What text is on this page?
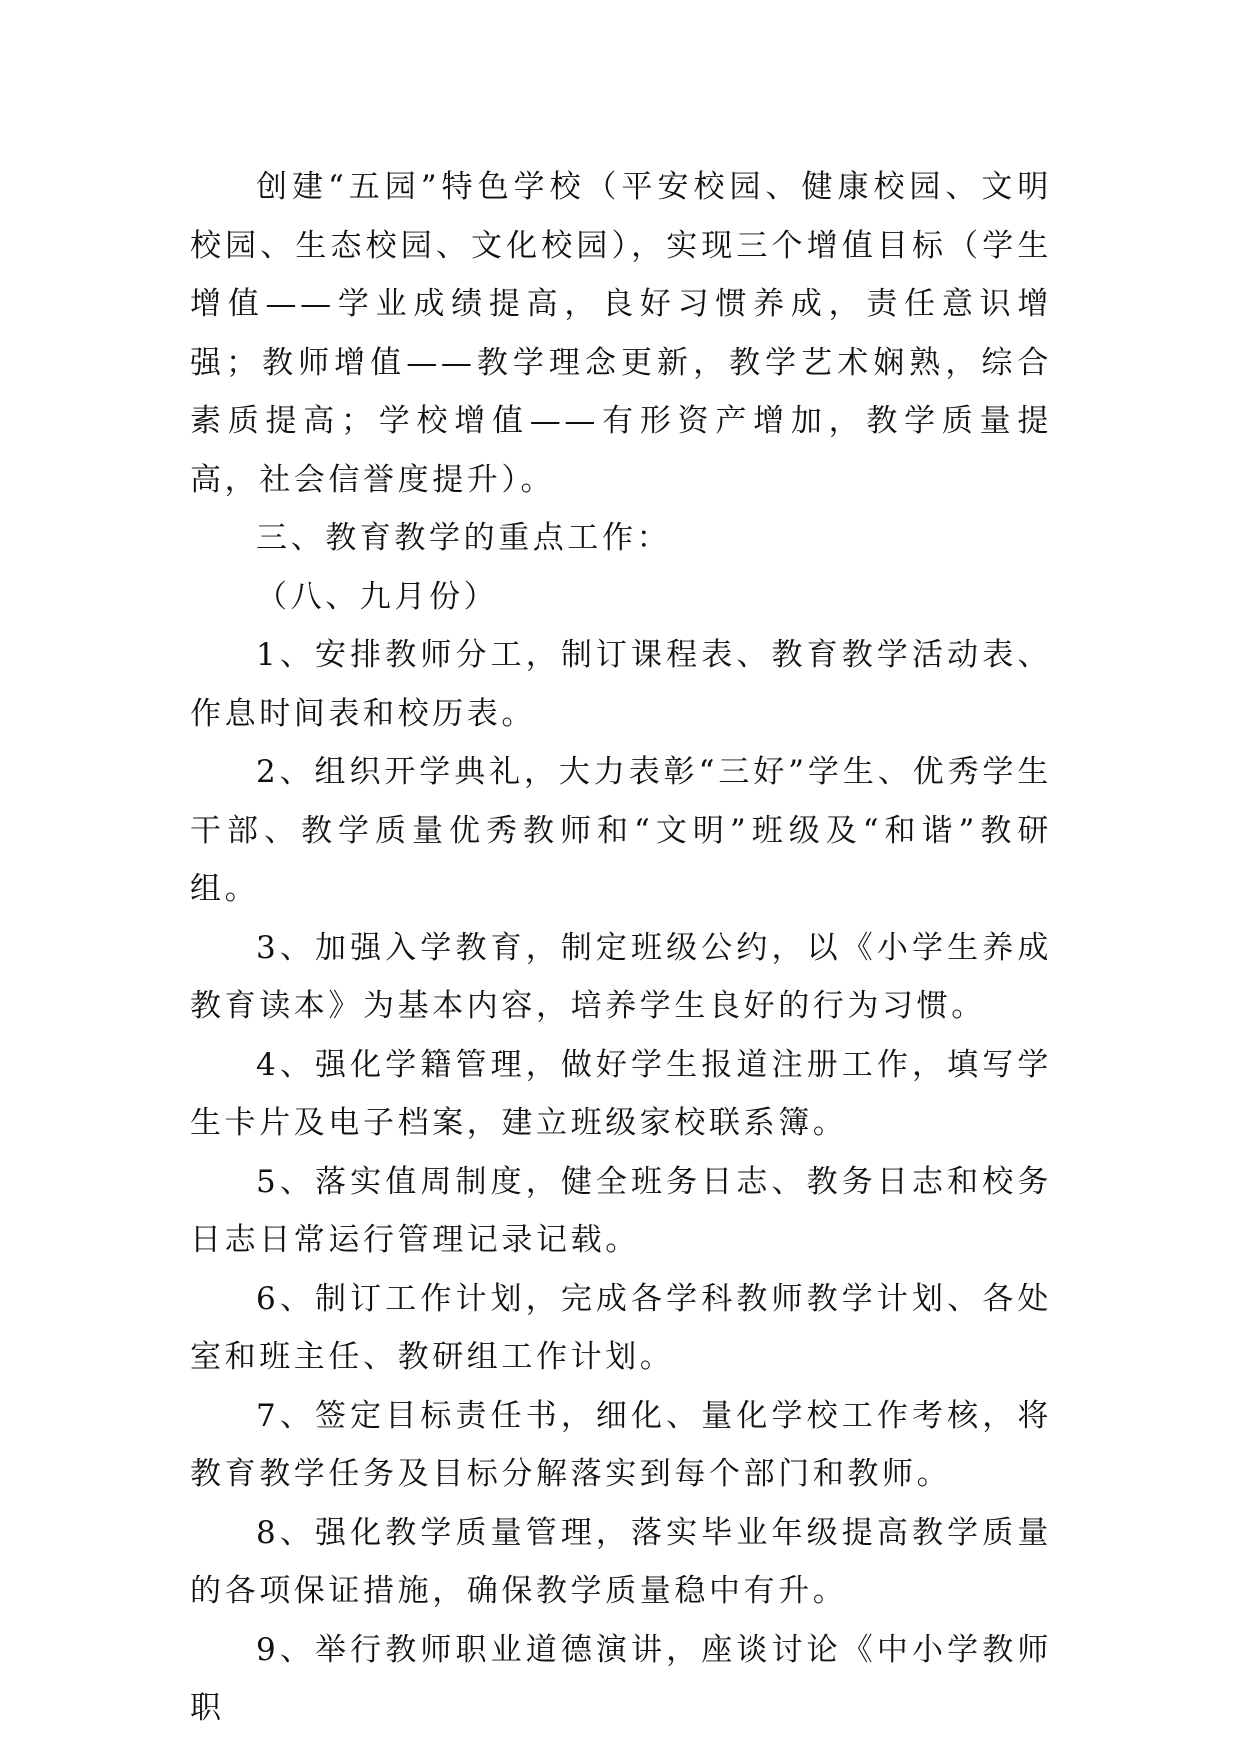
创建“五园”特色学校（平安校园、健康校园、文明校园、生态校园、文化校园），实现三个增值目标（学生增值——学业成绩提高，良好习惯养成，责任意识增强；教师增值——教学理念更新，教学艺术娴熟，综合素质提高；学校增值——有形资产增加，教学质量提高，社会信誉度提升）。

三、教育教学的重点工作：

（八、九月份）

1、安排教师分工，制订课程表、教育教学活动表、作息时间表和校历表。

2、组织开学典礼，大力表彰“三好”学生、优秀学生干部、教学质量优秀教师和“文明”班级及“和谐”教研组。

3、加强入学教育，制定班级公约，以《小学生养成教育读本》为基本内容，培养学生良好的行为习惯。

4、强化学籍管理，做好学生报道注册工作，填写学生卡片及电子档案，建立班级家校联系簿。

5、落实值周制度，健全班务日志、教务日志和校务日志日常运行管理记录记载。

6、制订工作计划，完成各学科教师教学计划、各处室和班主任、教研组工作计划。

7、签定目标责任书，细化、量化学校工作考核，将教育教学任务及目标分解落实到每个部门和教师。

8、强化教学质量管理，落实毕业年级提高教学质量的各项保证措施，确保教学质量稳中有升。

9、举行教师职业道德演讲，座谈讨论《中小学教师职
